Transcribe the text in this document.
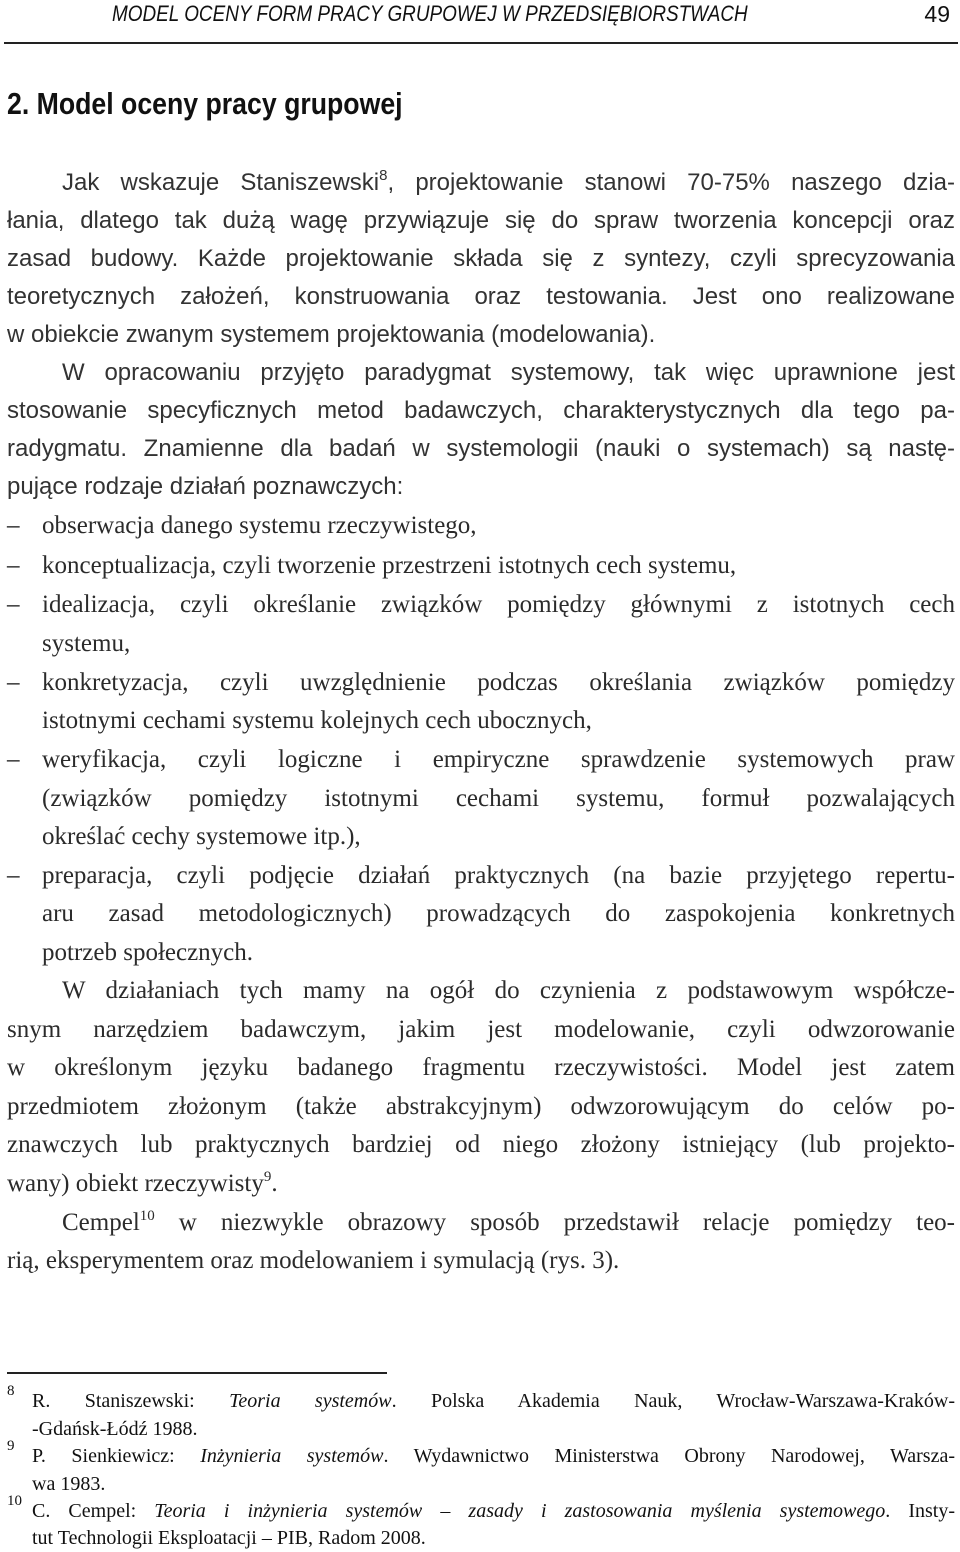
MODEL OCENY FORM PRACY GRUPOWEJ W PRZEDSIĘBIORSTWACH	49
2. Model oceny pracy grupowej
Jak wskazuje Staniszewski$^8$, projektowanie stanowi 70-75% naszego dzia-
łania, dlatego tak dużą wagę przywiązuje się do spraw tworzenia koncepcji oraz
zasad budowy. Każde projektowanie składa się z syntezy, czyli sprecyzowania
teoretycznych założeń, konstruowania oraz testowania. Jest ono realizowane
w obiekcie zwanym systemem projektowania (modelowania).
W opracowaniu przyjęto paradygmat systemowy, tak więc uprawnione jest
stosowanie specyficznych metod badawczych, charakterystycznych dla tego pa-
radygmatu. Znamienne dla badań w systemologii (nauki o systemach) są nastę-
pujące rodzaje działań poznawczych:
– obserwacja danego systemu rzeczywistego,
– konceptualizacja, czyli tworzenie przestrzeni istotnych cech systemu,
– idealizacja, czyli określanie związków pomiędzy głównymi z istotnych cech
systemu,
– konkretyzacja, czyli uwzględnienie podczas określania związków pomiędzy
istotnymi cechami systemu kolejnych cech ubocznych,
– weryfikacja, czyli logiczne i empiryczne sprawdzenie systemowych praw
(związków pomiędzy istotnymi cechami systemu, formuł pozwalających
określać cechy systemowe itp.),
– preparacja, czyli podjęcie działań praktycznych (na bazie przyjętego repertu-
aru zasad metodologicznych) prowadzących do zaspokojenia konkretnych
potrzeb społecznych.
W działaniach tych mamy na ogół do czynienia z podstawowym współcze-
snym narzędziem badawczym, jakim jest modelowanie, czyli odwzorowanie
w określonym języku badanego fragmentu rzeczywistości. Model jest zatem
przedmiotem złożonym (także abstrakcyjnym) odwzorowującym do celów po-
znawczych lub praktycznych bardziej od niego złożony istniejący (lub projekto-
wany) obiekt rzeczywisty$^9$.
Cempel$^{10}$ w niezwykle obrazowy sposób przedstawił relacje pomiędzy teo-
rią, eksperymentem oraz modelowaniem i symulacją (rys. 3).
8 R. Staniszewski: Teoria systemów. Polska Akademia Nauk, Wrocław-Warszawa-Kraków-
-Gdańsk-Łódź 1988.
9 P. Sienkiewicz: Inżynieria systemów. Wydawnictwo Ministerstwa Obrony Narodowej, Warsza-
wa 1983.
10 C. Cempel: Teoria i inżynieria systemów – zasady i zastosowania myślenia systemowego. Insty-
tut Technologii Eksploatacji – PIB, Radom 2008.
